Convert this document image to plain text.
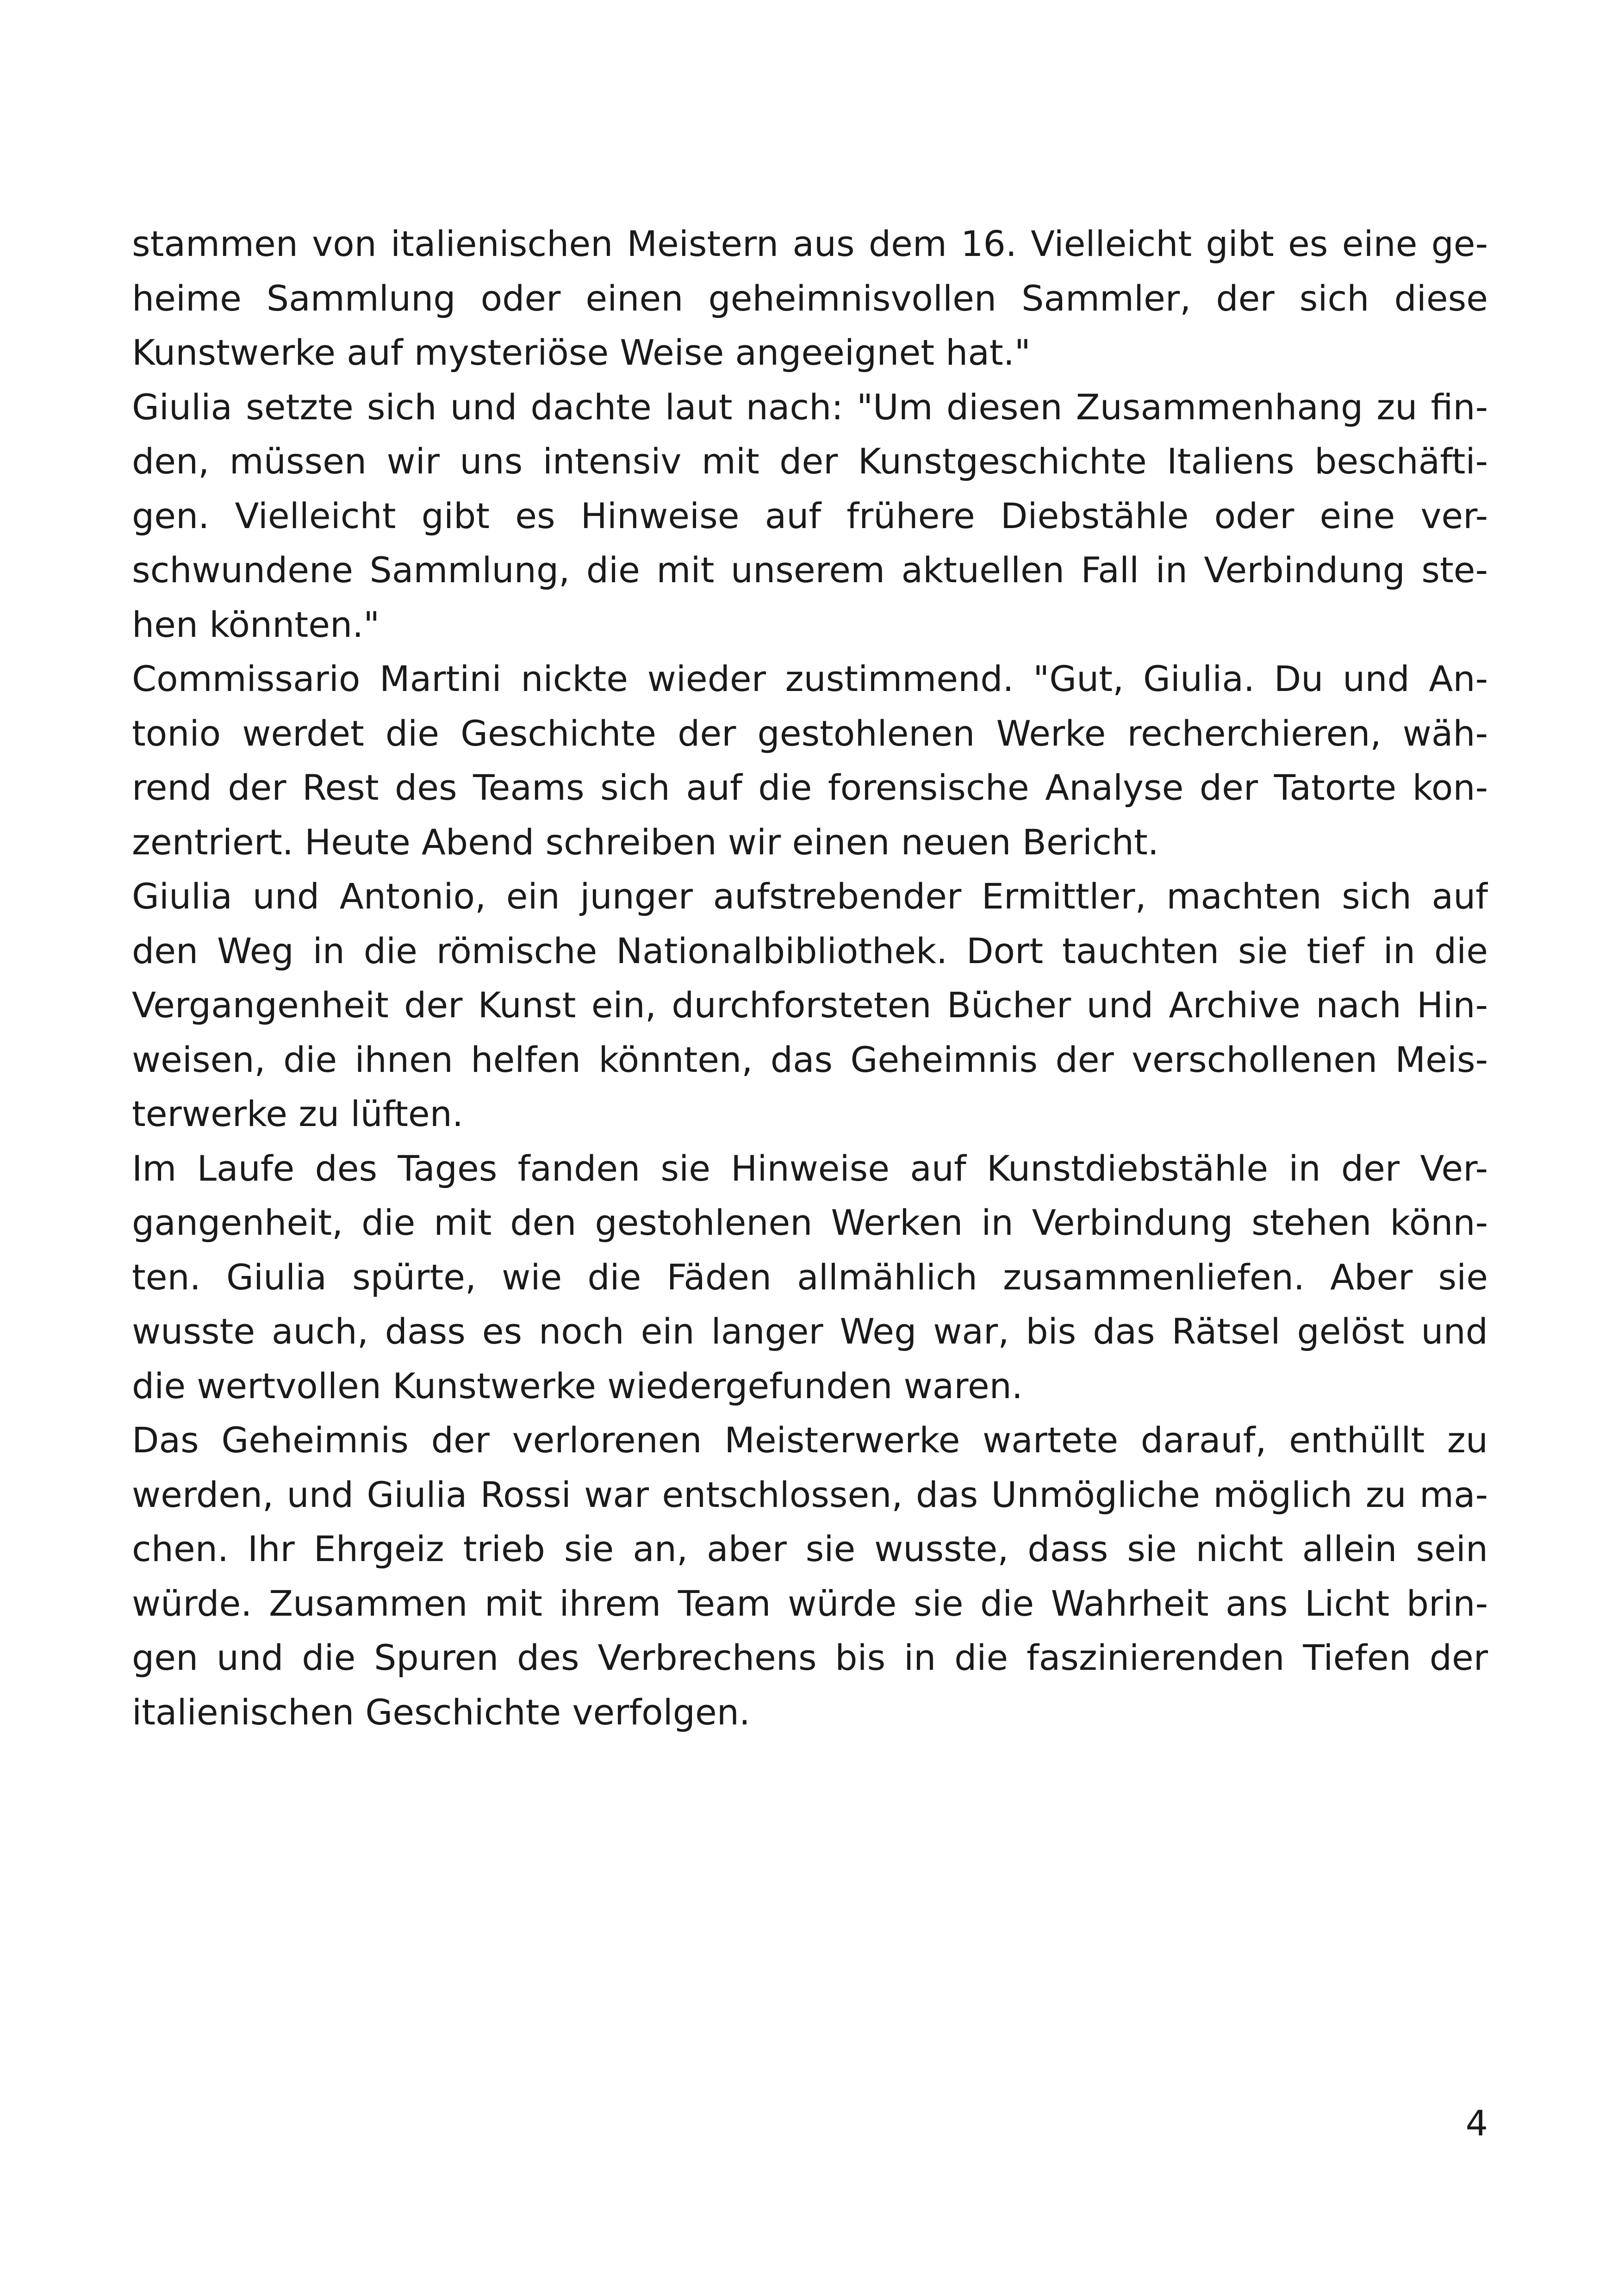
stammen von italienischen Meistern aus dem 16. Vielleicht gibt es eine ge-
heime Sammlung oder einen geheimnisvollen Sammler, der sich diese
Kunstwerke auf mysteriöse Weise angeeignet hat."
Giulia setzte sich und dachte laut nach: "Um diesen Zusammenhang zu fin-
den, müssen wir uns intensiv mit der Kunstgeschichte Italiens beschäfti-
gen. Vielleicht gibt es Hinweise auf frühere Diebstähle oder eine ver-
schwundene Sammlung, die mit unserem aktuellen Fall in Verbindung ste-
hen könnten."
Commissario Martini nickte wieder zustimmend. "Gut, Giulia. Du und An-
tonio werdet die Geschichte der gestohlenen Werke recherchieren, wäh-
rend der Rest des Teams sich auf die forensische Analyse der Tatorte kon-
zentriert. Heute Abend schreiben wir einen neuen Bericht.
Giulia und Antonio, ein junger aufstrebender Ermittler, machten sich auf
den Weg in die römische Nationalbibliothek. Dort tauchten sie tief in die
Vergangenheit der Kunst ein, durchforsteten Bücher und Archive nach Hin-
weisen, die ihnen helfen könnten, das Geheimnis der verschollenen Meis-
terwerke zu lüften.
Im Laufe des Tages fanden sie Hinweise auf Kunstdiebstähle in der Ver-
gangenheit, die mit den gestohlenen Werken in Verbindung stehen könn-
ten. Giulia spürte, wie die Fäden allmählich zusammenliefen. Aber sie
wusste auch, dass es noch ein langer Weg war, bis das Rätsel gelöst und
die wertvollen Kunstwerke wiedergefunden waren.
Das Geheimnis der verlorenen Meisterwerke wartete darauf, enthüllt zu
werden, und Giulia Rossi war entschlossen, das Unmögliche möglich zu ma-
chen. Ihr Ehrgeiz trieb sie an, aber sie wusste, dass sie nicht allein sein
würde. Zusammen mit ihrem Team würde sie die Wahrheit ans Licht brin-
gen und die Spuren des Verbrechens bis in die faszinierenden Tiefen der
italienischen Geschichte verfolgen.
4
